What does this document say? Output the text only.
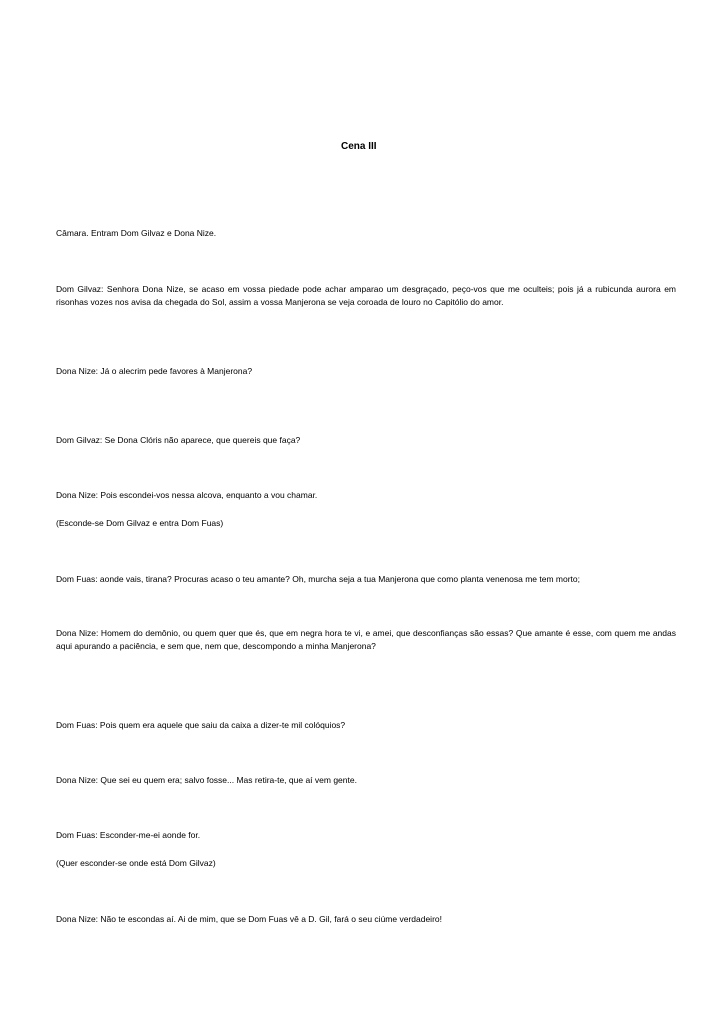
Cena III

Câmara. Entram Dom Gilvaz e Dona Nize.

Dom Gilvaz: Senhora Dona Nize, se acaso em vossa piedade pode achar amparao um desgraçado, peço-vos que me oculteis; pois já a rubicunda aurora em risonhas vozes nos avisa da chegada do Sol, assim a vossa Manjerona se veja coroada de louro no Capitólio do amor.

Dona Nize: Já o alecrim pede favores à Manjerona?

Dom Gilvaz: Se Dona Clóris não aparece, que quereis que faça?

Dona Nize: Pois escondei-vos nessa alcova, enquanto a vou chamar.

(Esconde-se Dom Gilvaz e entra Dom Fuas)

Dom Fuas: aonde vais, tirana? Procuras acaso o teu amante? Oh, murcha seja a tua Manjerona que como planta venenosa me tem morto;

Dona Nize: Homem do demônio, ou quem quer que és, que em negra hora te vi, e amei, que desconfianças são essas? Que amante é esse, com quem me andas aqui apurando a paciência, e sem que, nem que, descompondo a minha Manjerona?

Dom Fuas: Pois quem era aquele que saiu da caixa a dizer-te mil colóquios?

Dona Nize: Que sei eu quem era; salvo fosse... Mas retira-te, que aí vem gente.

Dom Fuas: Esconder-me-ei aonde for.

(Quer esconder-se onde está Dom Gilvaz)

Dona Nize: Não te escondas aí. Ai de mim, que se Dom Fuas vê a D. Gil, fará o seu ciúme verdadeiro!
